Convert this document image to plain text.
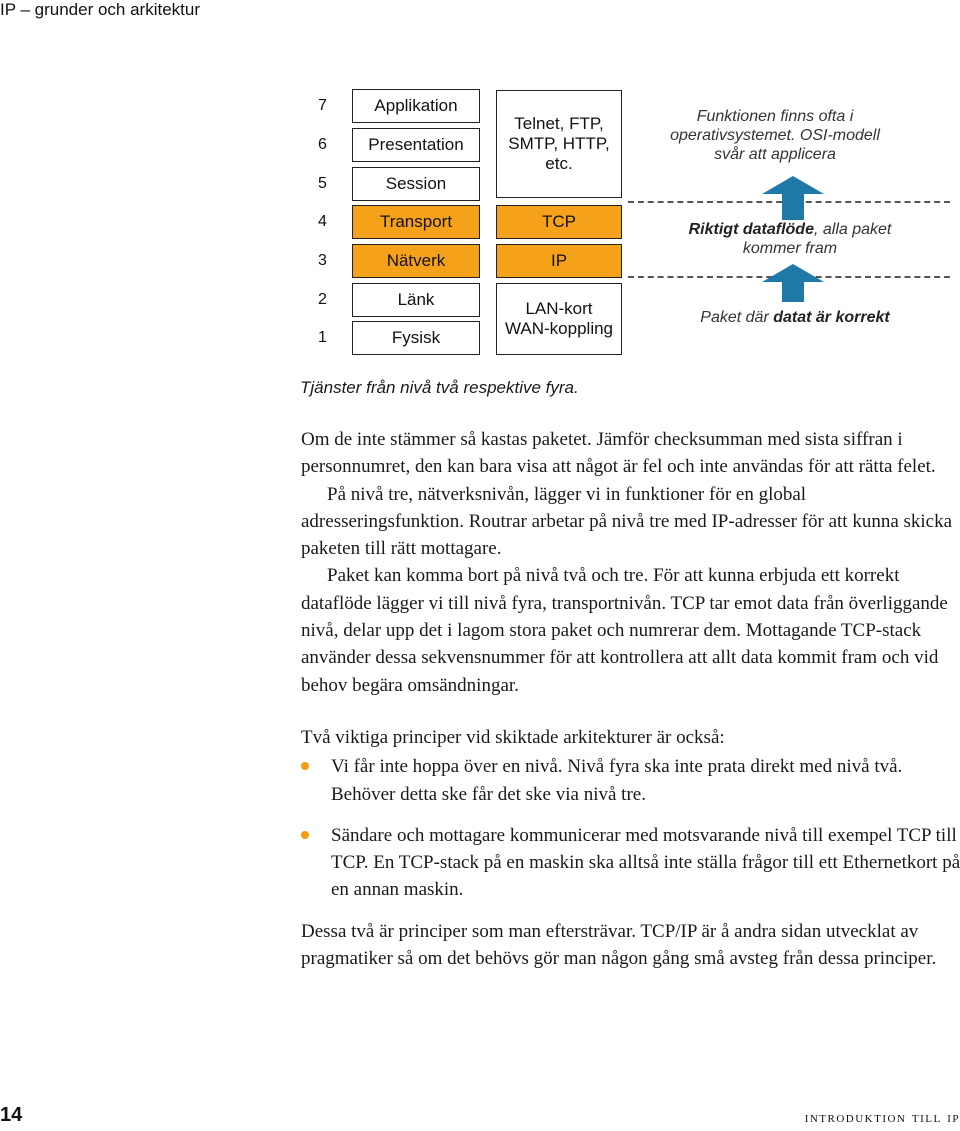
IP – grunder och arkitektur
7
6
5
4
3
2
1
Applikation
Presentation
Session
Transport
Nätverk
Länk
Fysisk
Telnet, FTP, SMTP, HTTP, etc.
TCP
IP
LAN-kort WAN-koppling
Funktionen finns ofta i operativsystemet. OSI-modell svår att applicera
Riktigt dataflöde, alla paket kommer fram
Paket där datat är korrekt
Tjänster från nivå två respektive fyra.

Om de inte stämmer så kastas paketet. Jämför checksumman med sista siffran i personnumret, den kan bara visa att något är fel och inte användas för att rätta felet.

På nivå tre, nätverksnivån, lägger vi in funktioner för en global adresseringsfunktion. Routrar arbetar på nivå tre med IP-adresser för att kunna skicka paketen till rätt mottagare.

Paket kan komma bort på nivå två och tre. För att kunna erbjuda ett korrekt dataflöde lägger vi till nivå fyra, transportnivån. TCP tar emot data från överliggande nivå, delar upp det i lagom stora paket och numrerar dem. Mottagande TCP-stack använder dessa sekvensnummer för att kontrollera att allt data kommit fram och vid behov begära omsändningar.

Två viktiga principer vid skiktade arkitekturer är också:

Vi får inte hoppa över en nivå. Nivå fyra ska inte prata direkt med nivå två. Behöver detta ske får det ske via nivå tre.
Sändare och mottagare kommunicerar med motsvarande nivå till exempel TCP till TCP. En TCP-stack på en maskin ska alltså inte ställa frågor till ett Ethernetkort på en annan maskin.

Dessa två är principer som man eftersträvar. TCP/IP är å andra sidan utvecklat av pragmatiker så om det behövs gör man någon gång små avsteg från dessa principer.

14	introduktion till ip
